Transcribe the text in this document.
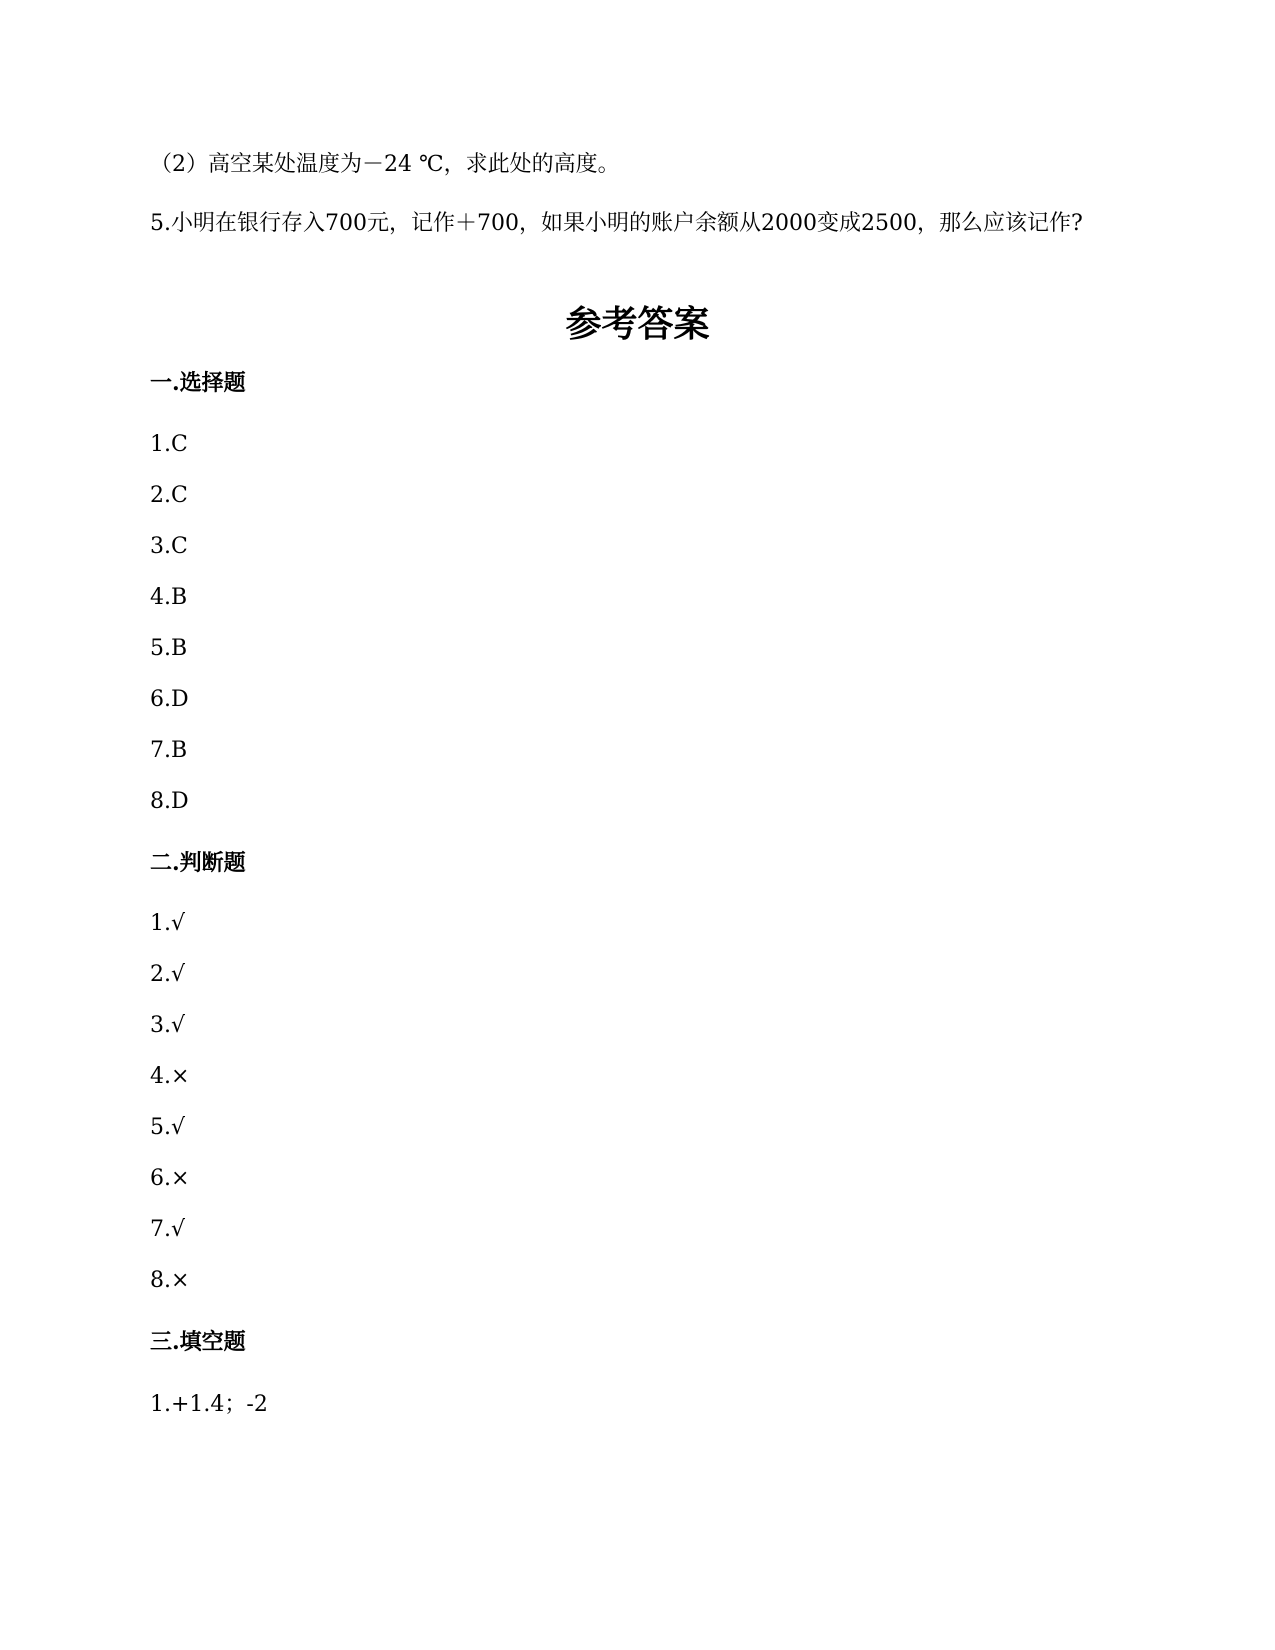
（2）高空某处温度为－24 ℃，求此处的高度。
5.小明在银行存入700元，记作＋700，如果小明的账户余额从2000变成2500，那么应该记作?
参考答案
一.选择题
1.C
2.C
3.C
4.B
5.B
6.D
7.B
8.D
二.判断题
1.√
2.√
3.√
4.×
5.√
6.×
7.√
8.×
三.填空题
1.+1.4；-2
